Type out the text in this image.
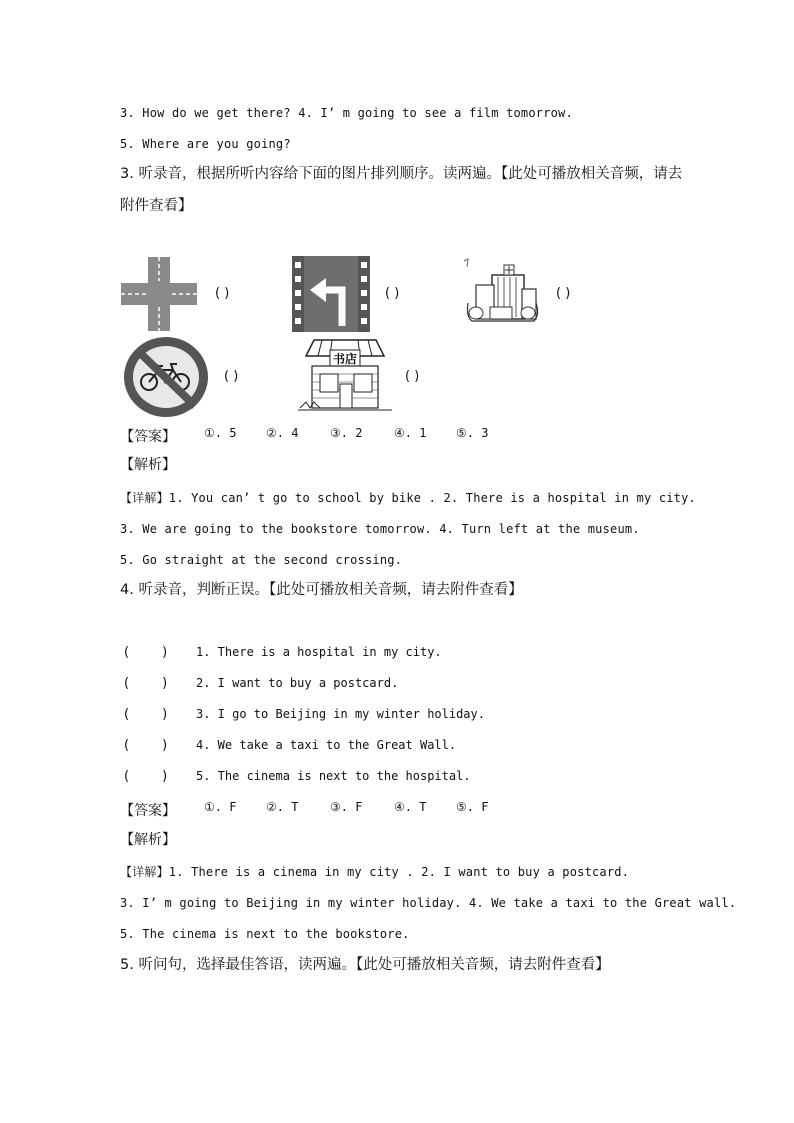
3. How do we get there? 4. I’ m going to see a film tomorrow.
5. Where are you going?
3. 听录音，根据所听内容给下面的图片排列顺序。读两遍。【此处可播放相关音频，请去
附件查看】
( )	( )	( )
( )
书店
( )
【答案】 ①. 5 ②. 4	③. 2	④. 1 ⑤. 3
【解析】
【详解】1. You can’ t go to school by bike . 2. There is a hospital in my city.
3. We are going to the bookstore tomorrow. 4. Turn left at the museum.
5. Go straight at the second crossing.
4. 听录音，判断正误。【此处可播放相关音频，请去附件查看】
(        ) 1. There is a hospital in my city.
(        ) 2. I want to buy a postcard.
(        ) 3. I go to Beijing in my winter holiday.
(        ) 4. We take a taxi to the Great Wall.
(        ) 5. The cinema is next to the hospital.
【答案】 ①. F ②. T	③. F	④. T ⑤. F
【解析】
【详解】1. There is a cinema in my city . 2. I want to buy a postcard.
3. I’ m going to Beijing in my winter holiday. 4. We take a taxi to the Great wall.
5. The cinema is next to the bookstore.
5. 听问句，选择最佳答语，读两遍。【此处可播放相关音频，请去附件查看】
